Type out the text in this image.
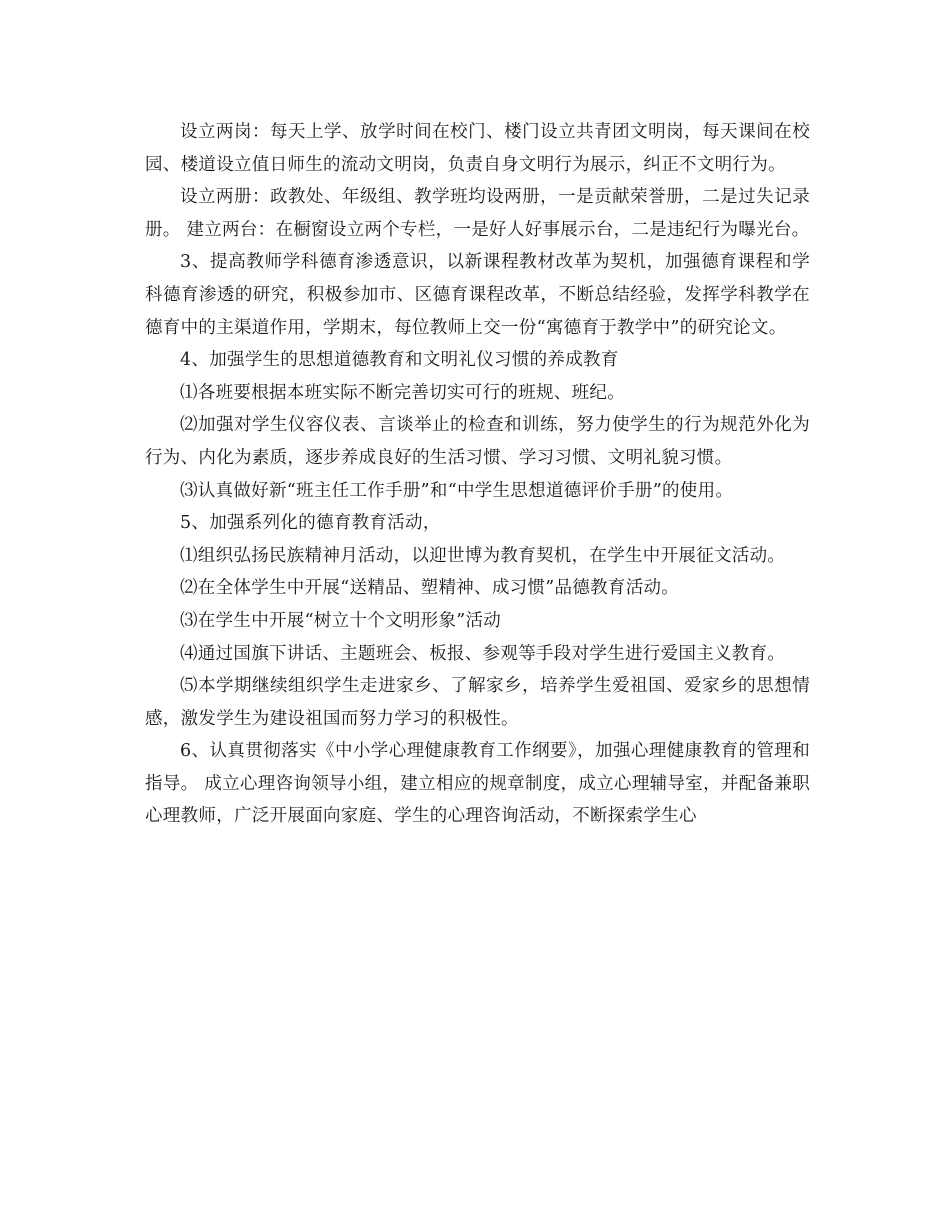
设立两岗：每天上学、放学时间在校门、楼门设立共青团文明岗，每天课间在校园、楼道设立值日师生的流动文明岗，负责自身文明行为展示，纠正不文明行为。

设立两册：政教处、年级组、教学班均设两册，一是贡献荣誉册，二是过失记录册。 建立两台：在橱窗设立两个专栏，一是好人好事展示台，二是违纪行为曝光台。

3、提高教师学科德育渗透意识，以新课程教材改革为契机，加强德育课程和学科德育渗透的研究，积极参加市、区德育课程改革，不断总结经验，发挥学科教学在德育中的主渠道作用，学期末，每位教师上交一份“寓德育于教学中”的研究论文。

4、加强学生的思想道德教育和文明礼仪习惯的养成教育

⑴各班要根据本班实际不断完善切实可行的班规、班纪。

⑵加强对学生仪容仪表、言谈举止的检查和训练，努力使学生的行为规范外化为行为、内化为素质，逐步养成良好的生活习惯、学习习惯、文明礼貌习惯。

⑶认真做好新“班主任工作手册”和“中学生思想道德评价手册”的使用。

5、加强系列化的德育教育活动，

⑴组织弘扬民族精神月活动，以迎世博为教育契机，在学生中开展征文活动。

⑵在全体学生中开展“送精品、塑精神、成习惯”品德教育活动。

⑶在学生中开展“树立十个文明形象”活动

⑷通过国旗下讲话、主题班会、板报、参观等手段对学生进行爱国主义教育。

⑸本学期继续组织学生走进家乡、了解家乡，培养学生爱祖国、爱家乡的思想情感，激发学生为建设祖国而努力学习的积极性。

6、认真贯彻落实《中小学心理健康教育工作纲要》，加强心理健康教育的管理和指导。 成立心理咨询领导小组，建立相应的规章制度，成立心理辅导室，并配备兼职心理教师，广泛开展面向家庭、学生的心理咨询活动，不断探索学生心
